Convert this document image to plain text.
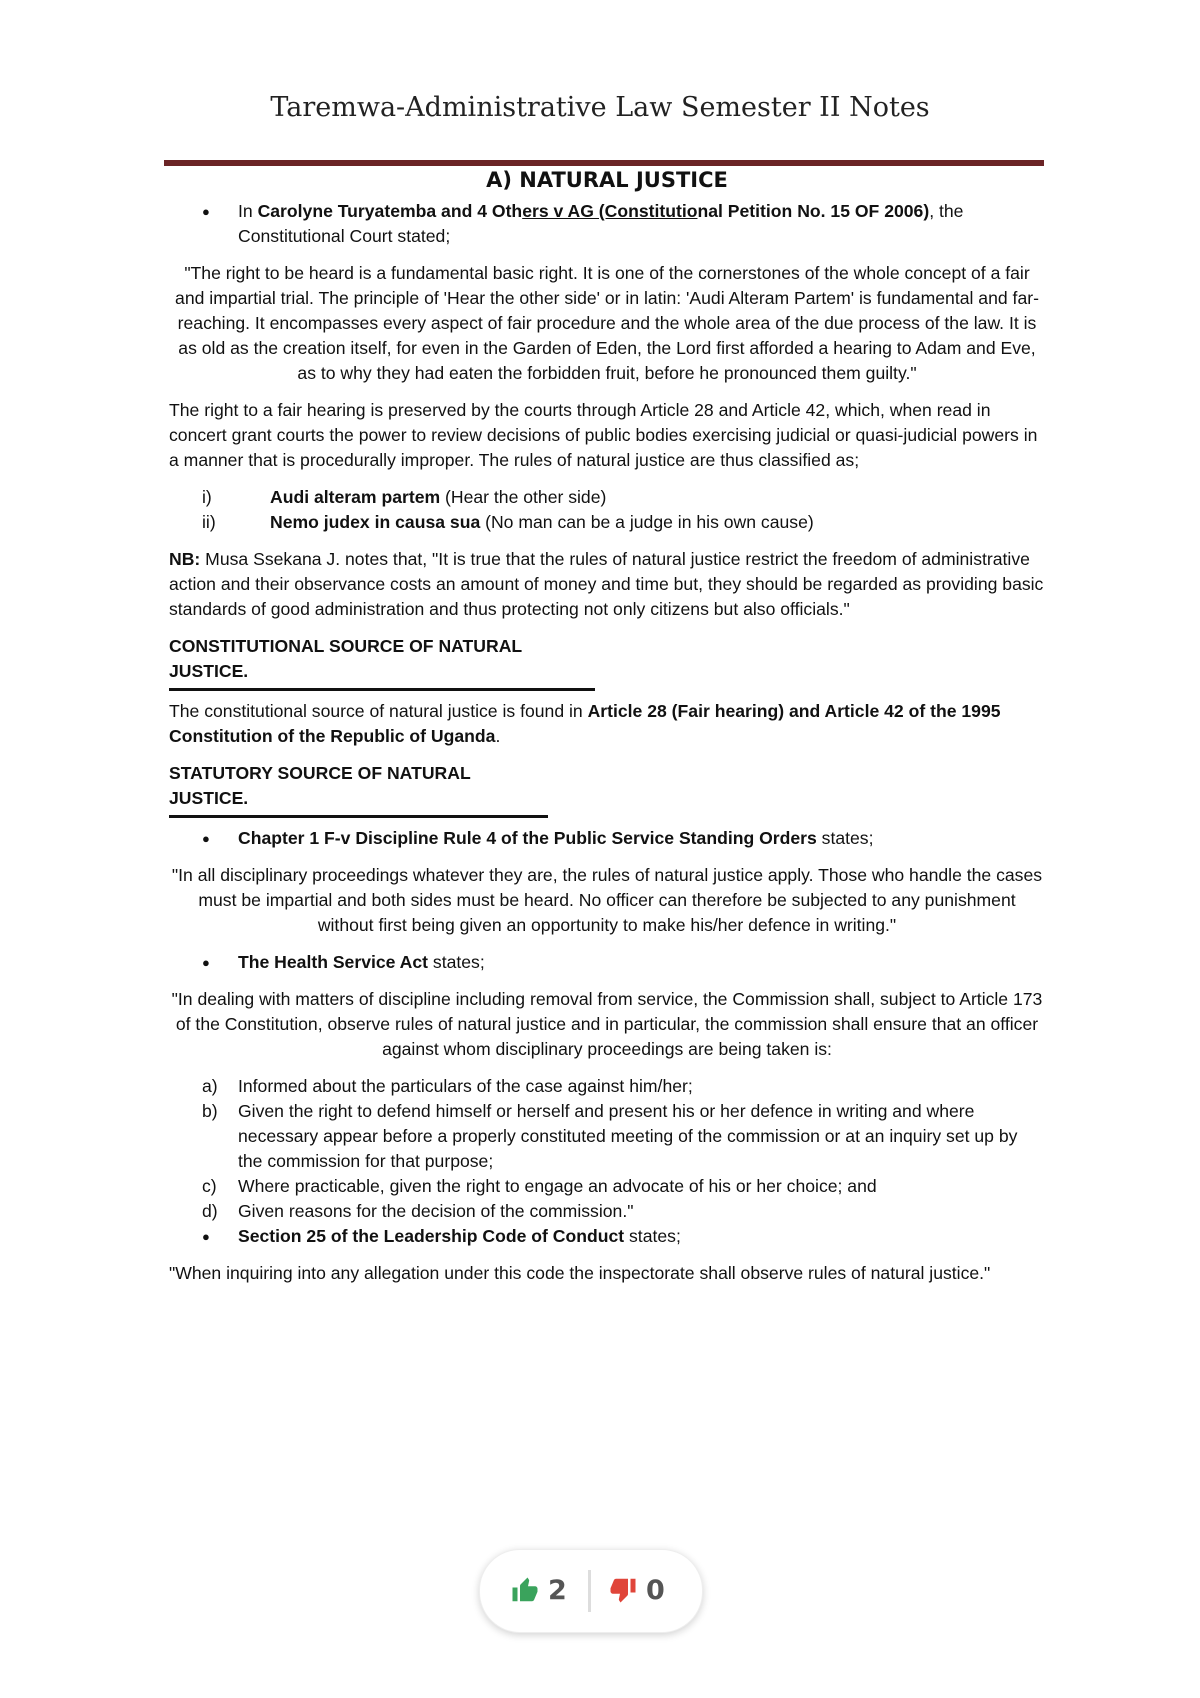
Taremwa-Administrative Law Semester II Notes
A) NATURAL JUSTICE
● In Carolyne Turyatemba and 4 Others v AG (Constitutional Petition No. 15 OF 2006), the Constitutional Court stated;

"The right to be heard is a fundamental basic right. It is one of the cornerstones of the whole concept of a fair and impartial trial. The principle of 'Hear the other side' or in latin: 'Audi Alteram Partem' is fundamental and far-reaching. It encompasses every aspect of fair procedure and the whole area of the due process of the law. It is as old as the creation itself, for even in the Garden of Eden, the Lord first afforded a hearing to Adam and Eve, as to why they had eaten the forbidden fruit, before he pronounced them guilty."

The right to a fair hearing is preserved by the courts through Article 28 and Article 42, which, when read in concert grant courts the power to review decisions of public bodies exercising judicial or quasi-judicial powers in a manner that is procedurally improper. The rules of natural justice are thus classified as;

i)	Audi alteram partem (Hear the other side)
ii)	Nemo judex in causa sua (No man can be a judge in his own cause)

NB: Musa Ssekana J. notes that, "It is true that the rules of natural justice restrict the freedom of administrative action and their observance costs an amount of money and time but, they should be regarded as providing basic standards of good administration and thus protecting not only citizens but also officials."

CONSTITUTIONAL SOURCE OF NATURAL JUSTICE.

The constitutional source of natural justice is found in Article 28 (Fair hearing) and Article 42 of the 1995 Constitution of the Republic of Uganda.

STATUTORY SOURCE OF NATURAL JUSTICE.
● Chapter 1 F-v Discipline Rule 4 of the Public Service Standing Orders states;

"In all disciplinary proceedings whatever they are, the rules of natural justice apply. Those who handle the cases must be impartial and both sides must be heard. No officer can therefore be subjected to any punishment without first being given an opportunity to make his/her defence in writing."

● The Health Service Act states;

"In dealing with matters of discipline including removal from service, the Commission shall, subject to Article 173 of the Constitution, observe rules of natural justice and in particular, the commission shall ensure that an officer against whom disciplinary proceedings are being taken is:

a) Informed about the particulars of the case against him/her;
b) Given the right to defend himself or herself and present his or her defence in writing and where necessary appear before a properly constituted meeting of the commission or at an inquiry set up by the commission for that purpose;
c) Where practicable, given the right to engage an advocate of his or her choice; and
d) Given reasons for the decision of the commission."
● Section 25 of the Leadership Code of Conduct states;

"When inquiring into any allegation under this code the inspectorate shall observe rules of natural justice."

2	0
